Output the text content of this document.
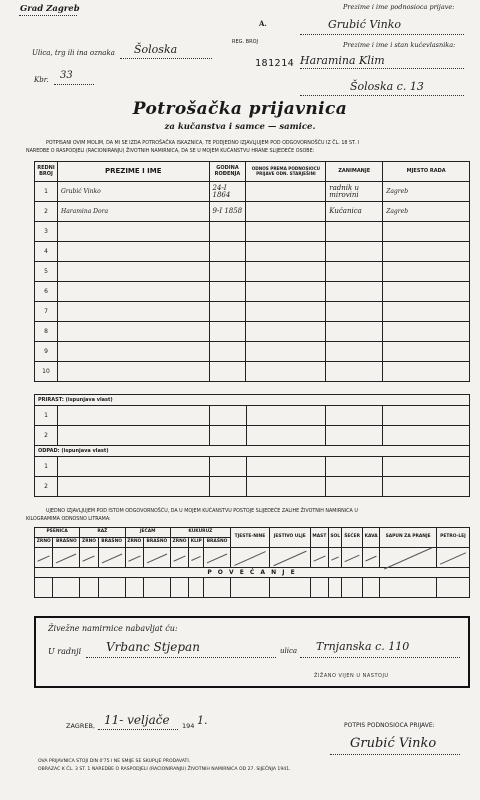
Grad Zagreb
Ulica, trg ili ina oznaka Šoloska
Kbr. 33
A.
REG. BROJ
181214
Prezime i ime podnosioca prijave:
Grubić Vinko
Prezime i ime i stan kućevlasnika:
Haramina Klim
Šoloska c. 13
Potrošačka prijavnica
za kučanstva i samce — samice.
POTPISANI OVIM MOLIM, DA MI SE IZDA POTROŠAČKA ISKAZNICA, TE PODJEDNO IZJAVLJUJEM POD ODGOVORNOŠĆU IZ ČL. 18 ST. I
NAREDBE O RASPODJELI (RACIONIRANJU) ŽIVOTNIH NAMIRNICA, DA SE U MOJEM KUĆANSTVU HRANE SLIJEDEĆE OSOBE:
REDNI BROJ	PREZIME I IME	GODINA ROĐENJA	ODNOS PREMA PODNOSIOCU PRIJAVE ODN. STARJEŠINI	ZANIMANJE	MJESTO RADA
1	Grubić Vinko	24-I 1864		radnik u mirovini	Zagreb
2	Haramina Dora	9-I 1858		Kućanica	Zagreb
3					
4					
5					
6					
7					
8					
9					
10					
PRIRAST: (ispunjava vlast)					
1					
2					
ODPAD: (ispunjava vlast)					
1					
2					
UJEDNO IZJAVLJUJEM POD ISTOM ODGOVORNOŠĆU, DA U MOJEM KUĆANSTVU POSTOJE SLIJEDEĆE ZALIHE ŽIVOTNIH NAMIRNICA U
KILOGRAMIMA ODNOSNO LITRAMA:
PŠENICA		RAŽ		JEČAM		KUKURUZ			TJESTE-NINE	JESTIVO ULJE	MAST	SOL	ŠEĆER	KAVA	SAPUN ZA PRANJE	PETRO-LEJ
ZRNO	BRAŠNO	ZRNO	BRAŠNO	ZRNO	BRAŠNO	ZRNO	KLIP	BRAŠNO								

P O V E Ć A N J E																

Živežne namirnice nabavljat ću:
U radnji Vrbanc Stjepan	ulica Trnjanska c. 110
ŽIŽANO VIJEN U NASTOJU
ZAGREB, 11- veljače 194 1.	POTPIS PODNOSIOCA PRIJAVE:
Grubić Vinko
OVA PRIJAVNICA STOJI DIN 0'75 I NE SMIJE SE SKUPLJE PRODAVATI.
OBRAZAC K ČL. 3 ST. 1 NAREDBE O RASPODJELI (RACIONIRANJU) ŽIVOTNIH NAMIRNICA OD 27. SIJEČNJA 1941.
